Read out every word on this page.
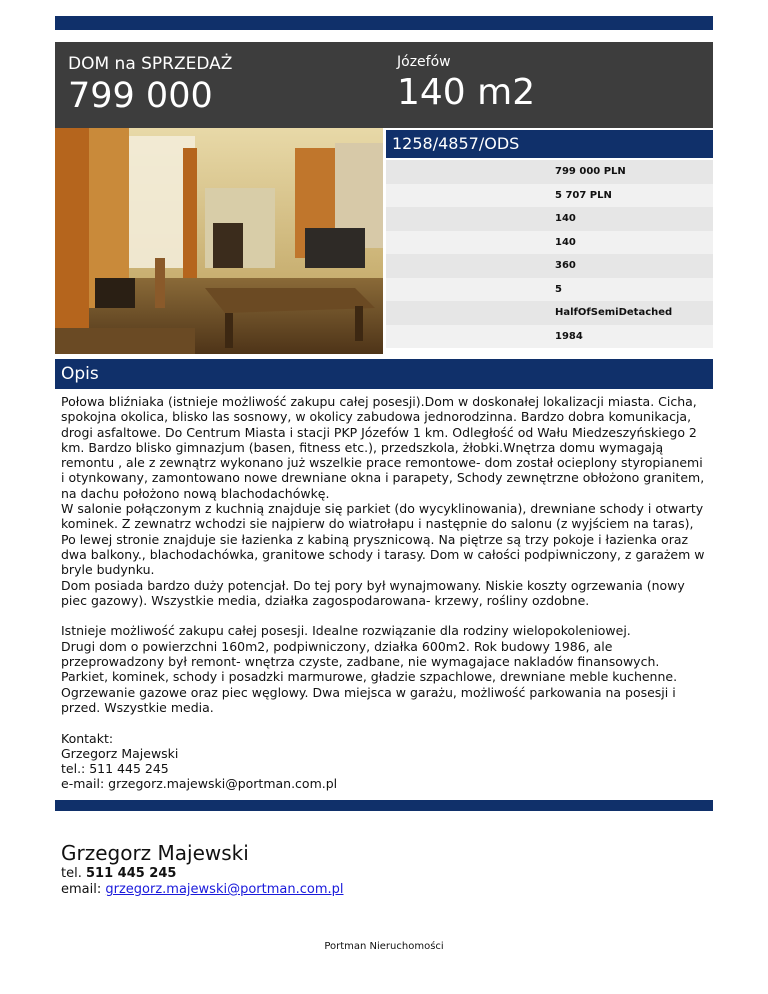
DOM na SPRZEDAŻ
799 000
Józefów
140 m2
1258/4857/ODS
799 000 PLN
5 707 PLN
140
140
360
5
HalfOfSemiDetached
1984
Opis

Połowa bliźniaka (istnieje możliwość zakupu całej posesji).Dom w doskonałej lokalizacji miasta. Cicha, spokojna okolica, blisko las sosnowy, w okolicy zabudowa jednorodzinna. Bardzo dobra komunikacja, drogi asfaltowe. Do Centrum Miasta i stacji PKP Józefów 1 km. Odległość od Wału Miedzeszyńskiego 2 km. Bardzo blisko gimnazjum (basen, fitness etc.), przedszkola, żłobki.Wnętrza domu wymagają remontu , ale z zewnątrz wykonano już wszelkie prace remontowe- dom został ocieplony styropianemi i otynkowany, zamontowano nowe drewniane okna i parapety, Schody zewnętrzne obłożono granitem, na dachu położono nową blachodachówkę.
W salonie połączonym z kuchnią znajduje się parkiet (do wycyklinowania), drewniane schody i otwarty kominek. Z zewnatrz wchodzi sie najpierw do wiatrołapu i następnie do salonu (z wyjściem na taras), Po lewej stronie znajduje sie łazienka z kabiną prysznicową. Na piętrze są trzy pokoje i łazienka oraz dwa balkony., blachodachówka, granitowe schody i tarasy. Dom w całości podpiwniczony, z garażem w bryle budynku.
Dom posiada bardzo duży potencjał. Do tej pory był wynajmowany. Niskie koszty ogrzewania (nowy piec gazowy). Wszystkie media, działka zagospodarowana- krzewy, rośliny ozdobne.

Istnieje możliwość zakupu całej posesji. Idealne rozwiązanie dla rodziny wielopokoleniowej.
Drugi dom o powierzchni 160m2, podpiwniczony, działka 600m2. Rok budowy 1986, ale przeprowadzony był remont- wnętrza czyste, zadbane, nie wymagajace nakladów finansowych. Parkiet, kominek, schody i posadzki marmurowe, gładzie szpachlowe, drewniane meble kuchenne. Ogrzewanie gazowe oraz piec węglowy. Dwa miejsca w garażu, możliwość parkowania na posesji i przed. Wszystkie media.

Kontakt:
Grzegorz Majewski
tel.: 511 445 245
e-mail: grzegorz.majewski@portman.com.pl

Grzegorz Majewski
tel. 511 445 245
email: grzegorz.majewski@portman.com.pl
Portman Nieruchomości
